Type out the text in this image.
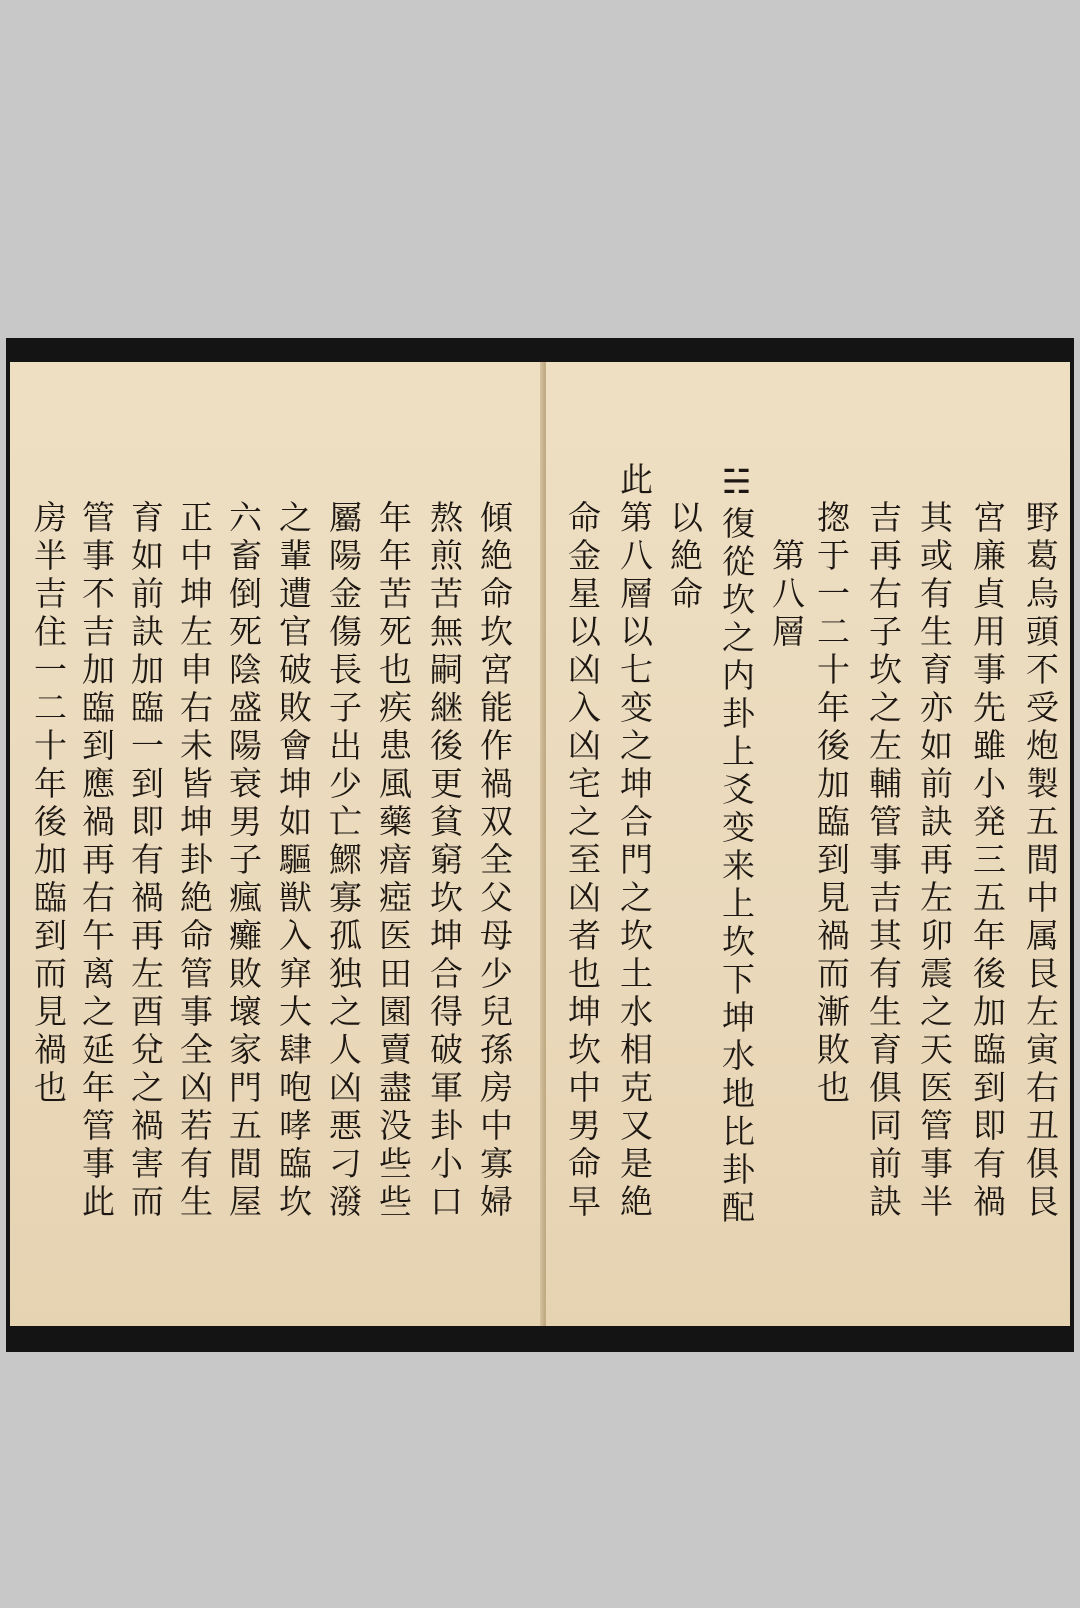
野葛烏頭不受炮製五間中属艮左寅右丑俱艮
宮廉貞用事先雖小発三五年後加臨到即有禍
其或有生育亦如前訣再左卯震之天医管事半
吉再右子坎之左輔管事吉其有生育俱同前訣
揔于一二十年後加臨到見禍而漸敗也
第八層
☵復從坎之内卦上爻变来上坎下坤水地比卦配
以絶命
此第八層以七变之坤合門之坎土水相克又是絶
命金星以凶入凶宅之至凶者也坤坎中男命早
傾絶命坎宮能作禍双全父母少兒孫房中寡婦
熬煎苦無嗣継後更貧窮坎坤合得破軍卦小口
年年苦死也疾患風藥瘖瘂医田園賣盡没些些
屬陽金傷長子出少亡鰥寡孤独之人凶悪刁潑
之輩遭官破敗會坤如驅獣入穽大肆咆哮臨坎
六畜倒死陰盛陽衰男子瘋癱敗壞家門五間屋
正中坤左申右未皆坤卦絶命管事全凶若有生
育如前訣加臨一到即有禍再左酉兌之禍害而
管事不吉加臨到應禍再右午离之延年管事此
房半吉住一二十年後加臨到而見禍也
